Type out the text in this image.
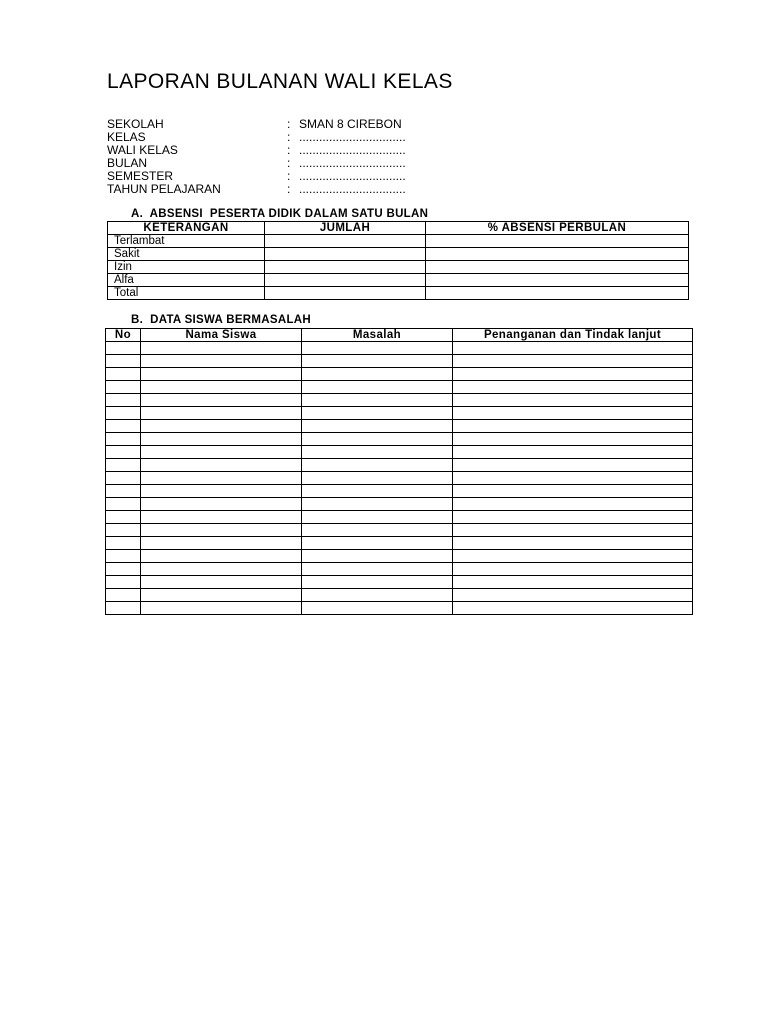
LAPORAN BULANAN WALI KELAS
SEKOLAH	:	SMAN 8 CIREBON
KELAS	:	................................
WALI KELAS	:	................................
BULAN	:	................................
SEMESTER	:	................................
TAHUN PELAJARAN	:	................................
A.  ABSENSI  PESERTA DIDIK DALAM SATU BULAN
KETERANGAN	JUMLAH	% ABSENSI PERBULAN
Terlambat		
Sakit		
Izin		
Alfa		
Total		
B.  DATA SISWA BERMASALAH
No	Nama Siswa	Masalah	Penanganan dan Tindak lanjut
